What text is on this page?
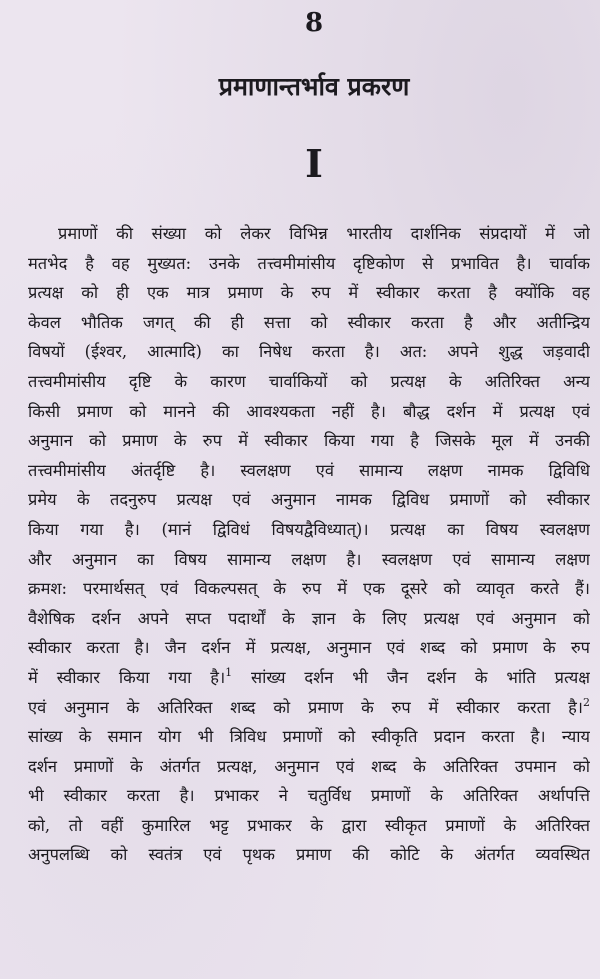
8
प्रमाणान्तर्भाव प्रकरण
I
प्रमाणों की संख्या को लेकर विभिन्न भारतीय दार्शनिक संप्रदायों में जो
मतभेद है वह मुख्यत: उनके तत्त्वमीमांसीय दृष्टिकोण से प्रभावित है। चार्वाक
प्रत्यक्ष को ही एक मात्र प्रमाण के रुप में स्वीकार करता है क्योंकि वह
केवल भौतिक जगत् की ही सत्ता को स्वीकार करता है और अतीन्द्रिय
विषयों (ईश्वर, आत्मादि) का निषेध करता है। अत: अपने शुद्ध जड़वादी
तत्त्वमीमांसीय दृष्टि के कारण चार्वाकियों को प्रत्यक्ष के अतिरिक्त अन्य
किसी प्रमाण को मानने की आवश्यकता नहीं है। बौद्ध दर्शन में प्रत्यक्ष एवं
अनुमान को प्रमाण के रुप में स्वीकार किया गया है जिसके मूल में उनकी
तत्त्वमीमांसीय अंतर्दृष्टि है। स्वलक्षण एवं सामान्य लक्षण नामक द्विविधि
प्रमेय के तदनुरुप प्रत्यक्ष एवं अनुमान नामक द्विविध प्रमाणों को स्वीकार
किया गया है। (मानं द्विविधं विषयद्वैविध्यात्)। प्रत्यक्ष का विषय स्वलक्षण
और अनुमान का विषय सामान्य लक्षण है। स्वलक्षण एवं सामान्य लक्षण
क्रमश: परमार्थसत् एवं विकल्पसत् के रुप में एक दूसरे को व्यावृत करते हैं।
वैशेषिक दर्शन अपने सप्त पदार्थों के ज्ञान के लिए प्रत्यक्ष एवं अनुमान को
स्वीकार करता है। जैन दर्शन में प्रत्यक्ष, अनुमान एवं शब्द को प्रमाण के रुप
में स्वीकार किया गया है।$^1$ सांख्य दर्शन भी जैन दर्शन के भांति प्रत्यक्ष
एवं अनुमान के अतिरिक्त शब्द को प्रमाण के रुप में स्वीकार करता है।$^2$
सांख्य के समान योग भी त्रिविध प्रमाणों को स्वीकृति प्रदान करता है। न्याय
दर्शन प्रमाणों के अंतर्गत प्रत्यक्ष, अनुमान एवं शब्द के अतिरिक्त उपमान को
भी स्वीकार करता है। प्रभाकर ने चतुर्विध प्रमाणों के अतिरिक्त अर्थापत्ति
को, तो वहीं कुमारिल भट्ट प्रभाकर के द्वारा स्वीकृत प्रमाणों के अतिरिक्त
अनुपलब्धि को स्वतंत्र एवं पृथक प्रमाण की कोटि के अंतर्गत व्यवस्थित
